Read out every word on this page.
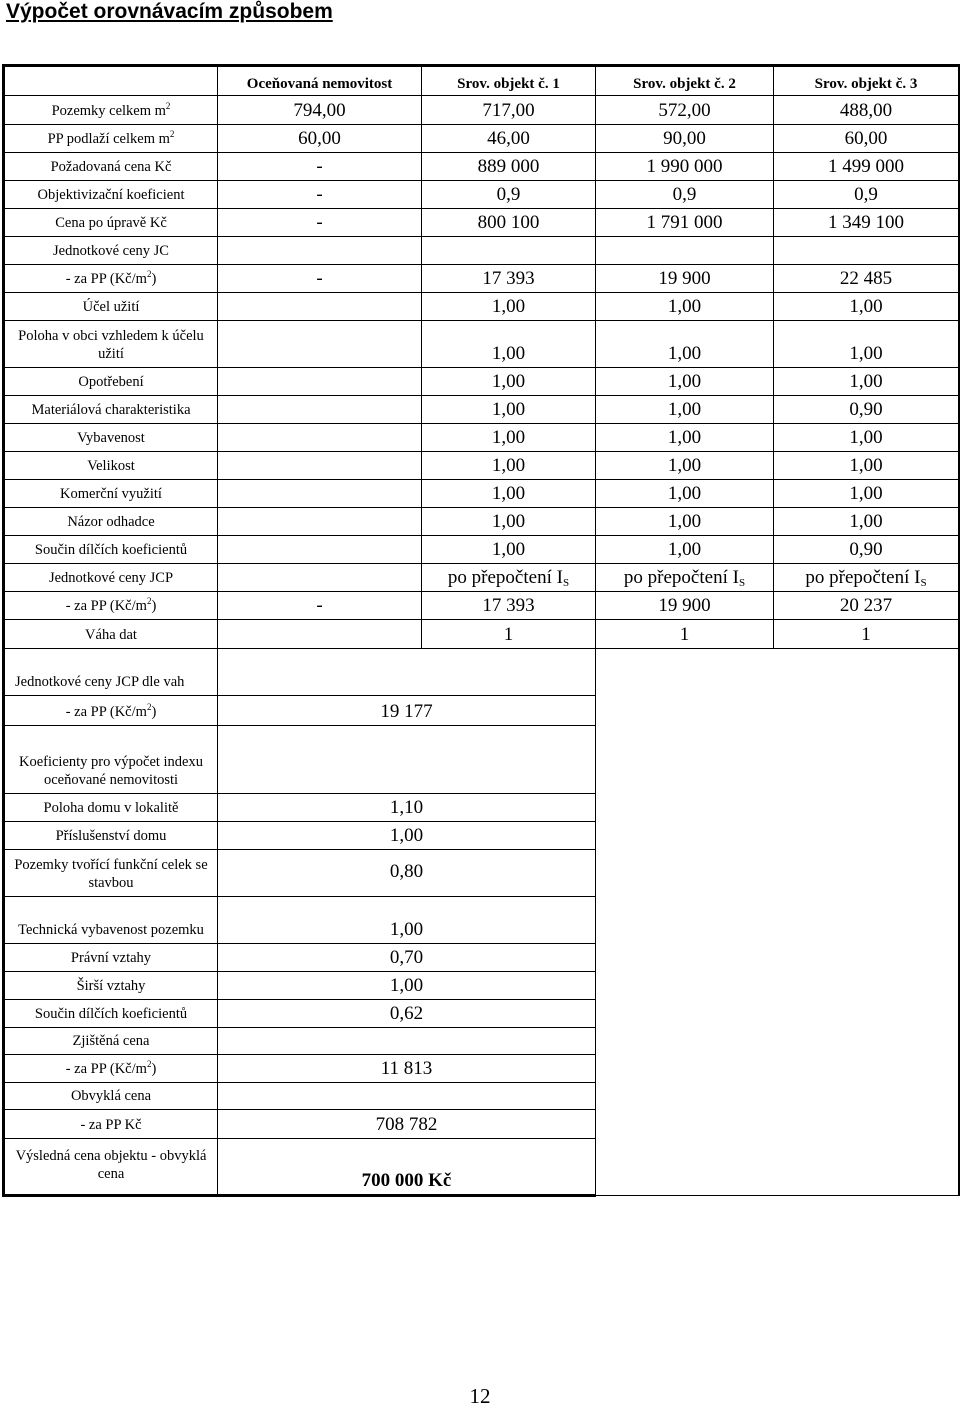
Výpočet orovnávacím způsobem
	Oceňovaná nemovitost	Srov. objekt č. 1	Srov. objekt č. 2	Srov. objekt č. 3
Pozemky celkem $m^2$	794,00	717,00	572,00	488,00
PP podlaží celkem $m^2$	60,00	46,00	90,00	60,00
Požadovaná cena Kč	-	889 000	1 990 000	1 499 000
Objektivizační koeficient	-	0,9	0,9	0,9
Cena po úpravě Kč	-	800 100	1 791 000	1 349 100
Jednotkové ceny JC				
- za PP $(Kč/m^2)$	-	17 393	19 900	22 485
Účel užití		1,00	1,00	1,00
Poloha v obci vzhledem k účelu užití		1,00	1,00	1,00
Opotřebení		1,00	1,00	1,00
Materiálová charakteristika		1,00	1,00	0,90
Vybavenost		1,00	1,00	1,00
Velikost		1,00	1,00	1,00
Komerční využití		1,00	1,00	1,00
Názor odhadce		1,00	1,00	1,00
Součin dílčích koeficientů		1,00	1,00	0,90
Jednotkové ceny JCP		po přepočtení $I_S$	po přepočtení $I_S$	po přepočtení $I_S$
- za PP $(Kč/m^2)$	-	17 393	19 900	20 237
Váha dat		1	1	1
Jednotkové ceny JCP dle vah				
- za PP $(Kč/m^2)$	19 177			
Koeficienty pro výpočet indexu oceňované nemovitosti				
Poloha domu v lokalitě	1,10			
Příslušenství domu	1,00			
Pozemky tvořící funkční celek se stavbou	0,80			
Technická vybavenost pozemku	1,00			
Právní vztahy	0,70			
Širší vztahy	1,00			
Součin dílčích koeficientů	0,62			
Zjištěná cena				
- za PP $(Kč/m^2)$	11 813			
Obvyklá cena				
- za PP Kč	708 782			
Výsledná cena objektu - obvyklá cena	700 000 Kč			
12
